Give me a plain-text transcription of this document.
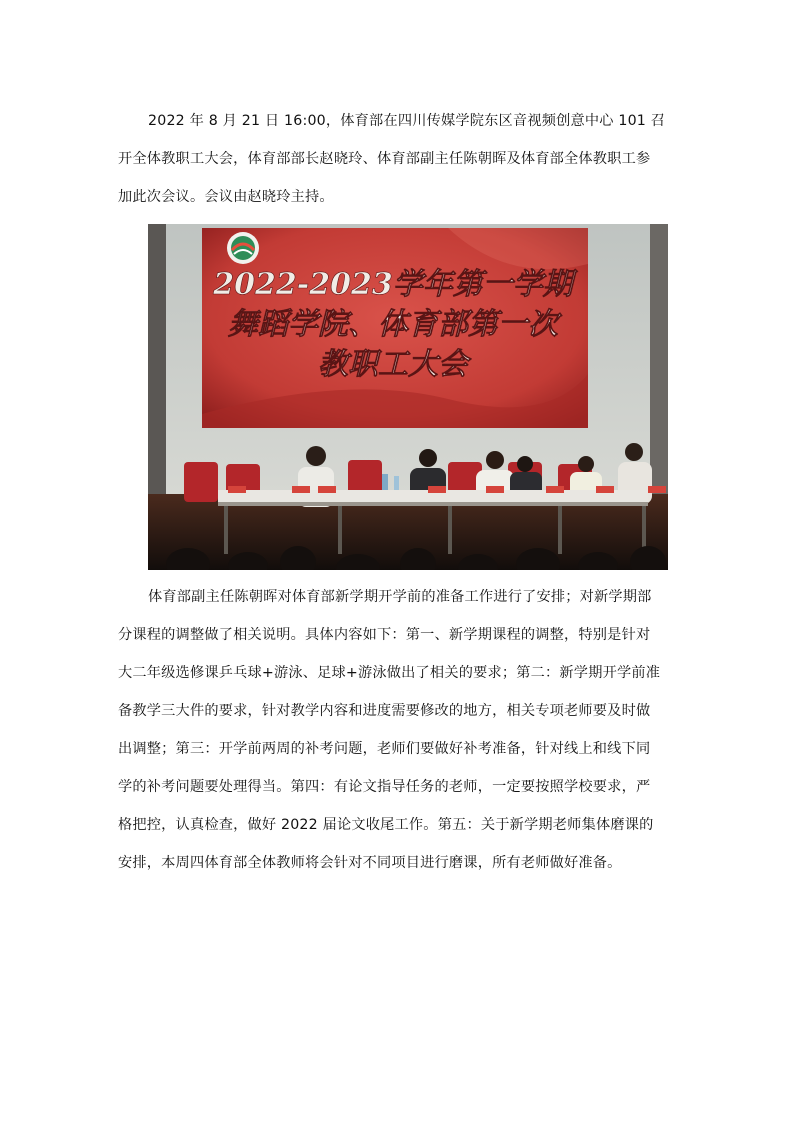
2022 年 8 月 21 日 16:00，体育部在四川传媒学院东区音视频创意中心 101 召
开全体教职工大会，体育部部长赵晓玲、体育部副主任陈朝晖及体育部全体教职工参
加此次会议。会议由赵晓玲主持。

2022-2023学年第一学期
舞蹈学院、体育部第一次
教职工大会

体育部副主任陈朝晖对体育部新学期开学前的准备工作进行了安排；对新学期部
分课程的调整做了相关说明。具体内容如下：第一、新学期课程的调整，特别是针对
大二年级选修课乒乓球+游泳、足球+游泳做出了相关的要求；第二：新学期开学前准
备教学三大件的要求，针对教学内容和进度需要修改的地方，相关专项老师要及时做
出调整；第三：开学前两周的补考问题，老师们要做好补考准备，针对线上和线下同
学的补考问题要处理得当。第四：有论文指导任务的老师，一定要按照学校要求，严
格把控，认真检查，做好 2022 届论文收尾工作。第五：关于新学期老师集体磨课的
安排，本周四体育部全体教师将会针对不同项目进行磨课，所有老师做好准备。
